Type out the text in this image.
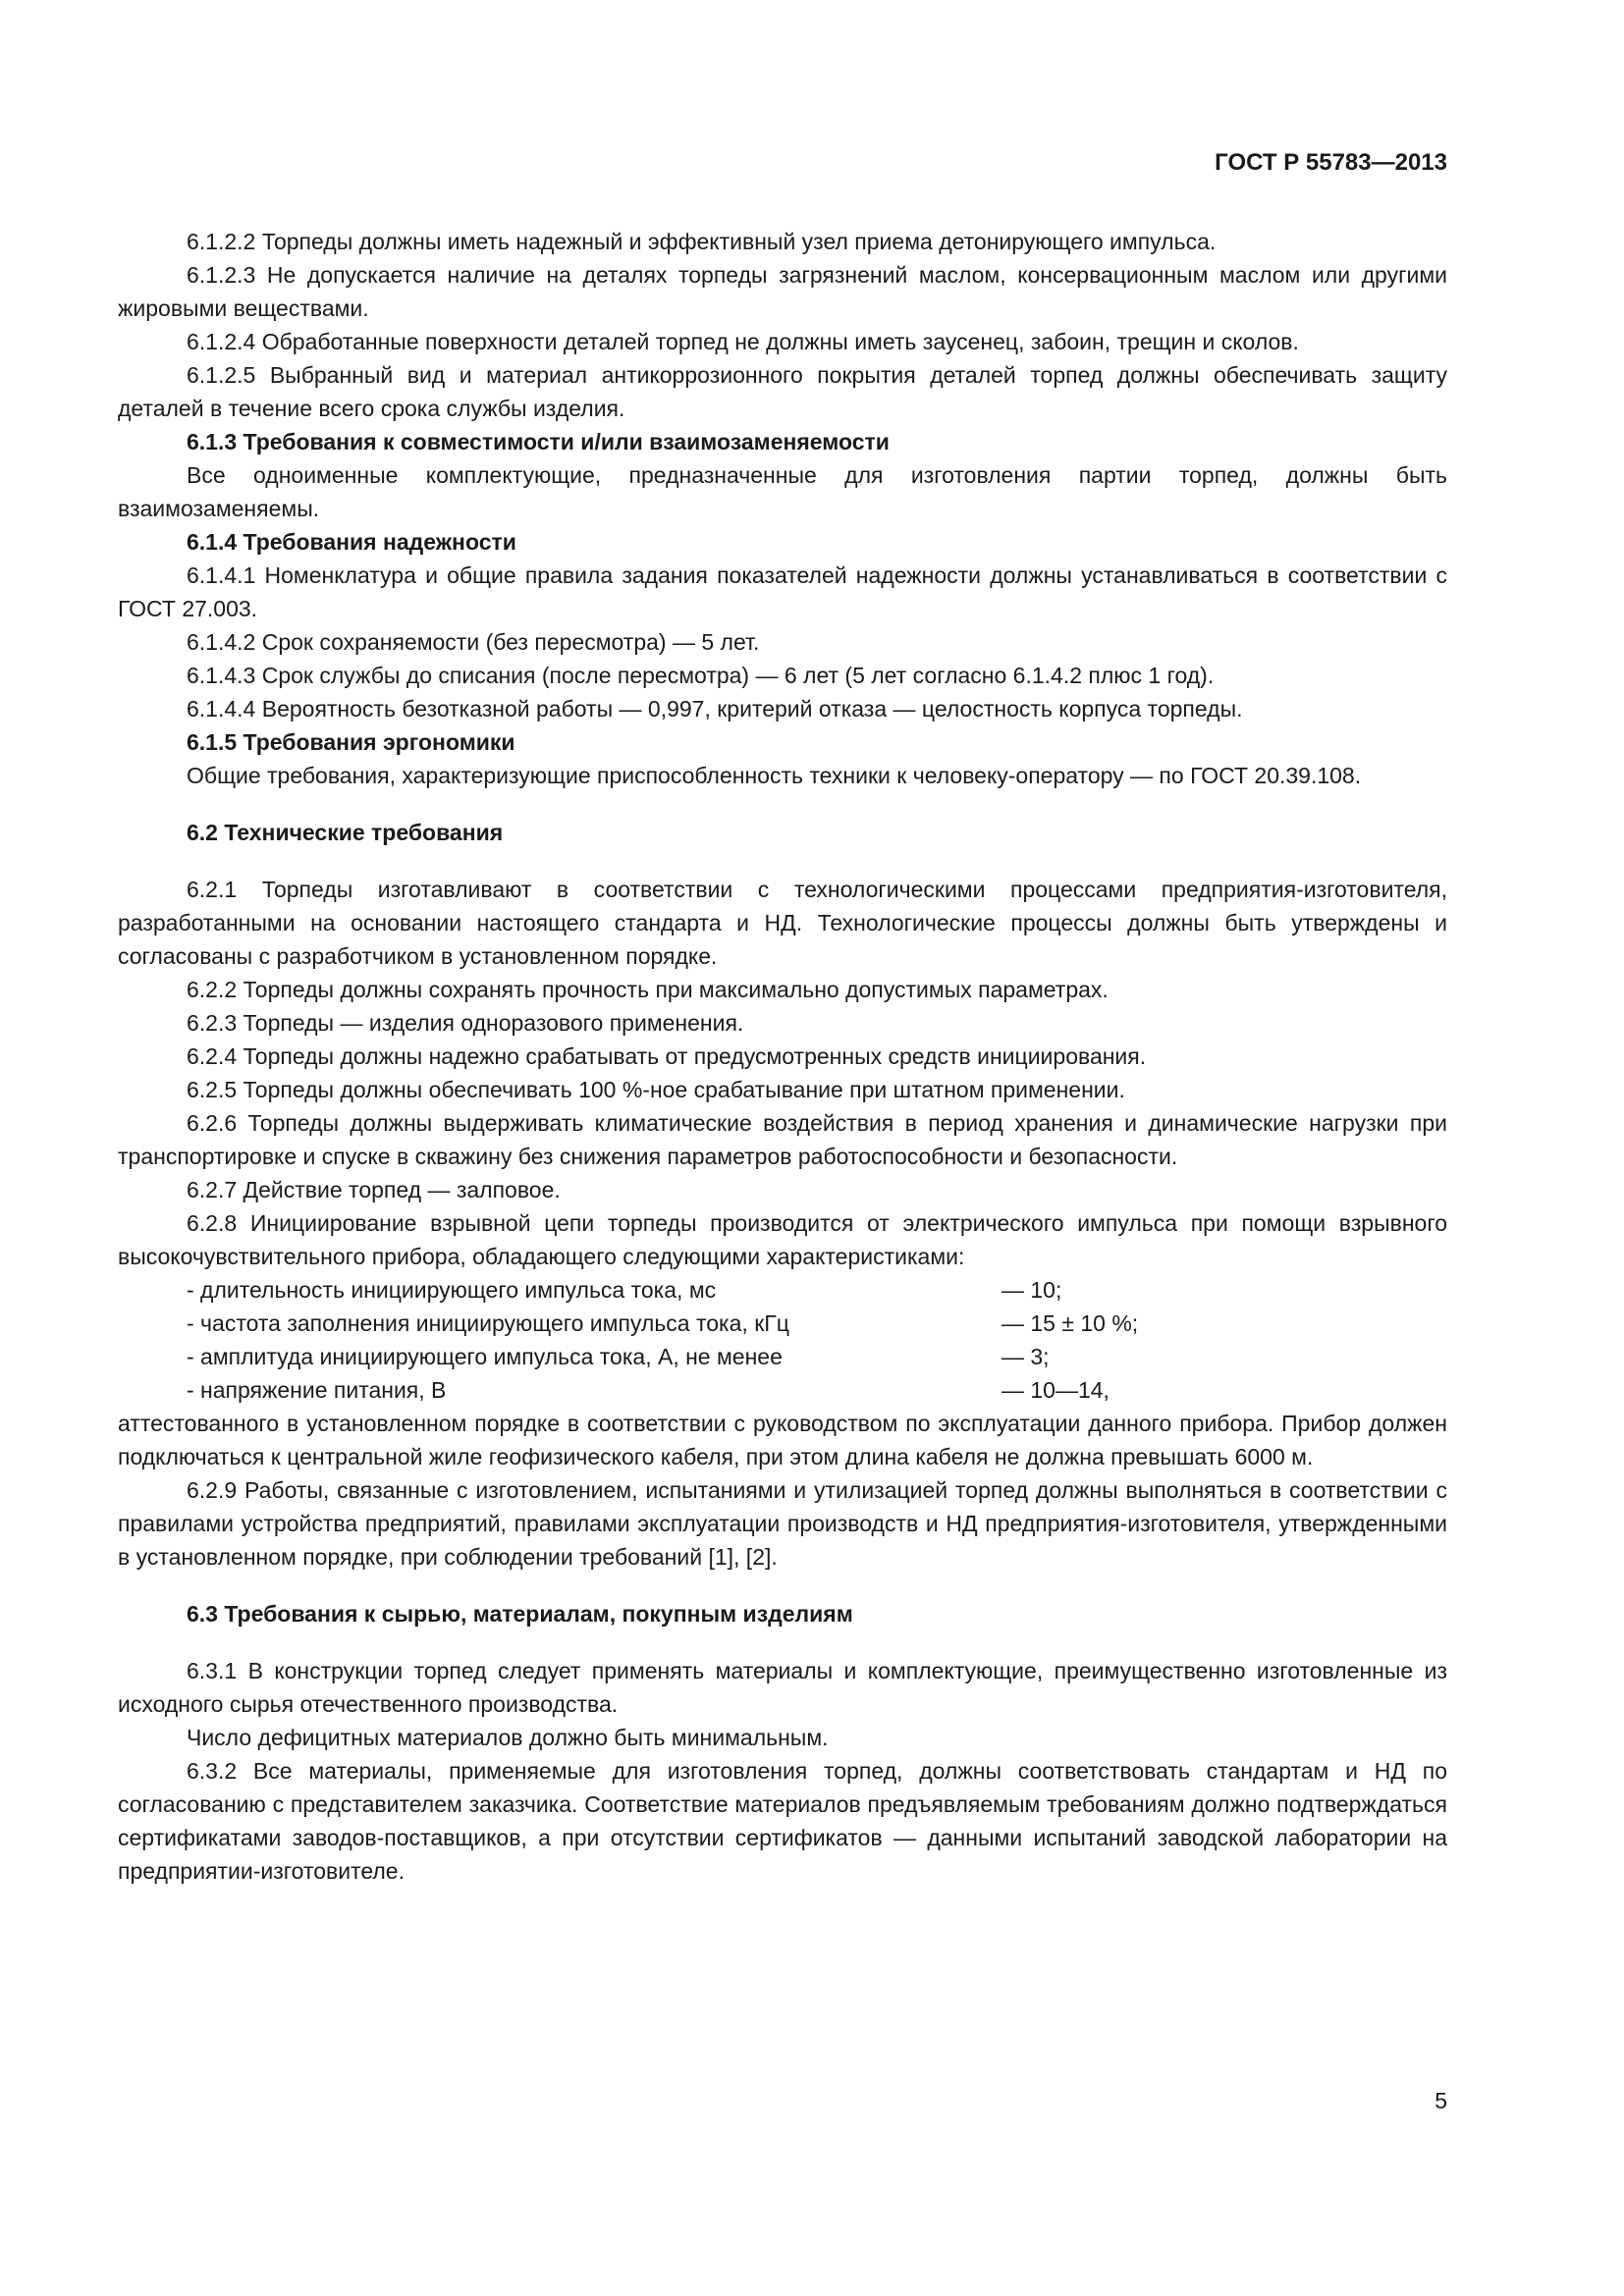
ГОСТ Р 55783—2013

6.1.2.2 Торпеды должны иметь надежный и эффективный узел приема детонирующего импульса.

6.1.2.3 Не допускается наличие на деталях торпеды загрязнений маслом, консервационным маслом или другими жировыми веществами.

6.1.2.4 Обработанные поверхности деталей торпед не должны иметь заусенец, забоин, трещин и сколов.

6.1.2.5 Выбранный вид и материал антикоррозионного покрытия деталей торпед должны обеспечивать защиту деталей в течение всего срока службы изделия.

6.1.3 Требования к совместимости и/или взаимозаменяемости

Все одноименные комплектующие, предназначенные для изготовления партии торпед, должны быть взаимозаменяемы.

6.1.4 Требования надежности

6.1.4.1 Номенклатура и общие правила задания показателей надежности должны устанавливаться в соответствии с ГОСТ 27.003.

6.1.4.2 Срок сохраняемости (без пересмотра) — 5 лет.

6.1.4.3 Срок службы до списания (после пересмотра) — 6 лет (5 лет согласно 6.1.4.2 плюс 1 год).

6.1.4.4 Вероятность безотказной работы — 0,997, критерий отказа — целостность корпуса торпеды.

6.1.5 Требования эргономики

Общие требования, характеризующие приспособленность техники к человеку-оператору — по ГОСТ 20.39.108.

6.2 Технические требования

6.2.1 Торпеды изготавливают в соответствии с технологическими процессами предприятия-изготовителя, разработанными на основании настоящего стандарта и НД. Технологические процессы должны быть утверждены и согласованы с разработчиком в установленном порядке.

6.2.2 Торпеды должны сохранять прочность при максимально допустимых параметрах.

6.2.3 Торпеды — изделия одноразового применения.

6.2.4 Торпеды должны надежно срабатывать от предусмотренных средств инициирования.

6.2.5 Торпеды должны обеспечивать 100 %-ное срабатывание при штатном применении.

6.2.6 Торпеды должны выдерживать климатические воздействия в период хранения и динамические нагрузки при транспортировке и спуске в скважину без снижения параметров работоспособности и безопасности.

6.2.7 Действие торпед — залповое.

6.2.8 Инициирование взрывной цепи торпеды производится от электрического импульса при помощи взрывного высокочувствительного прибора, обладающего следующими характеристиками:

- длительность инициирующего импульса тока, мс	— 10;
- частота заполнения инициирующего импульса тока, кГц	— 15 ± 10 %;
- амплитуда инициирующего импульса тока, А, не менее	— 3;
- напряжение питания, В	— 10—14,

аттестованного в установленном порядке в соответствии с руководством по эксплуатации данного прибора. Прибор должен подключаться к центральной жиле геофизического кабеля, при этом длина кабеля не должна превышать 6000 м.

6.2.9 Работы, связанные с изготовлением, испытаниями и утилизацией торпед должны выполняться в соответствии с правилами устройства предприятий, правилами эксплуатации производств и НД предприятия-изготовителя, утвержденными в установленном порядке, при соблюдении требований [1], [2].

6.3 Требования к сырью, материалам, покупным изделиям

6.3.1 В конструкции торпед следует применять материалы и комплектующие, преимущественно изготовленные из исходного сырья отечественного производства.

Число дефицитных материалов должно быть минимальным.

6.3.2 Все материалы, применяемые для изготовления торпед, должны соответствовать стандартам и НД по согласованию с представителем заказчика. Соответствие материалов предъявляемым требованиям должно подтверждаться сертификатами заводов-поставщиков, а при отсутствии сертификатов — данными испытаний заводской лаборатории на предприятии-изготовителе.

5
